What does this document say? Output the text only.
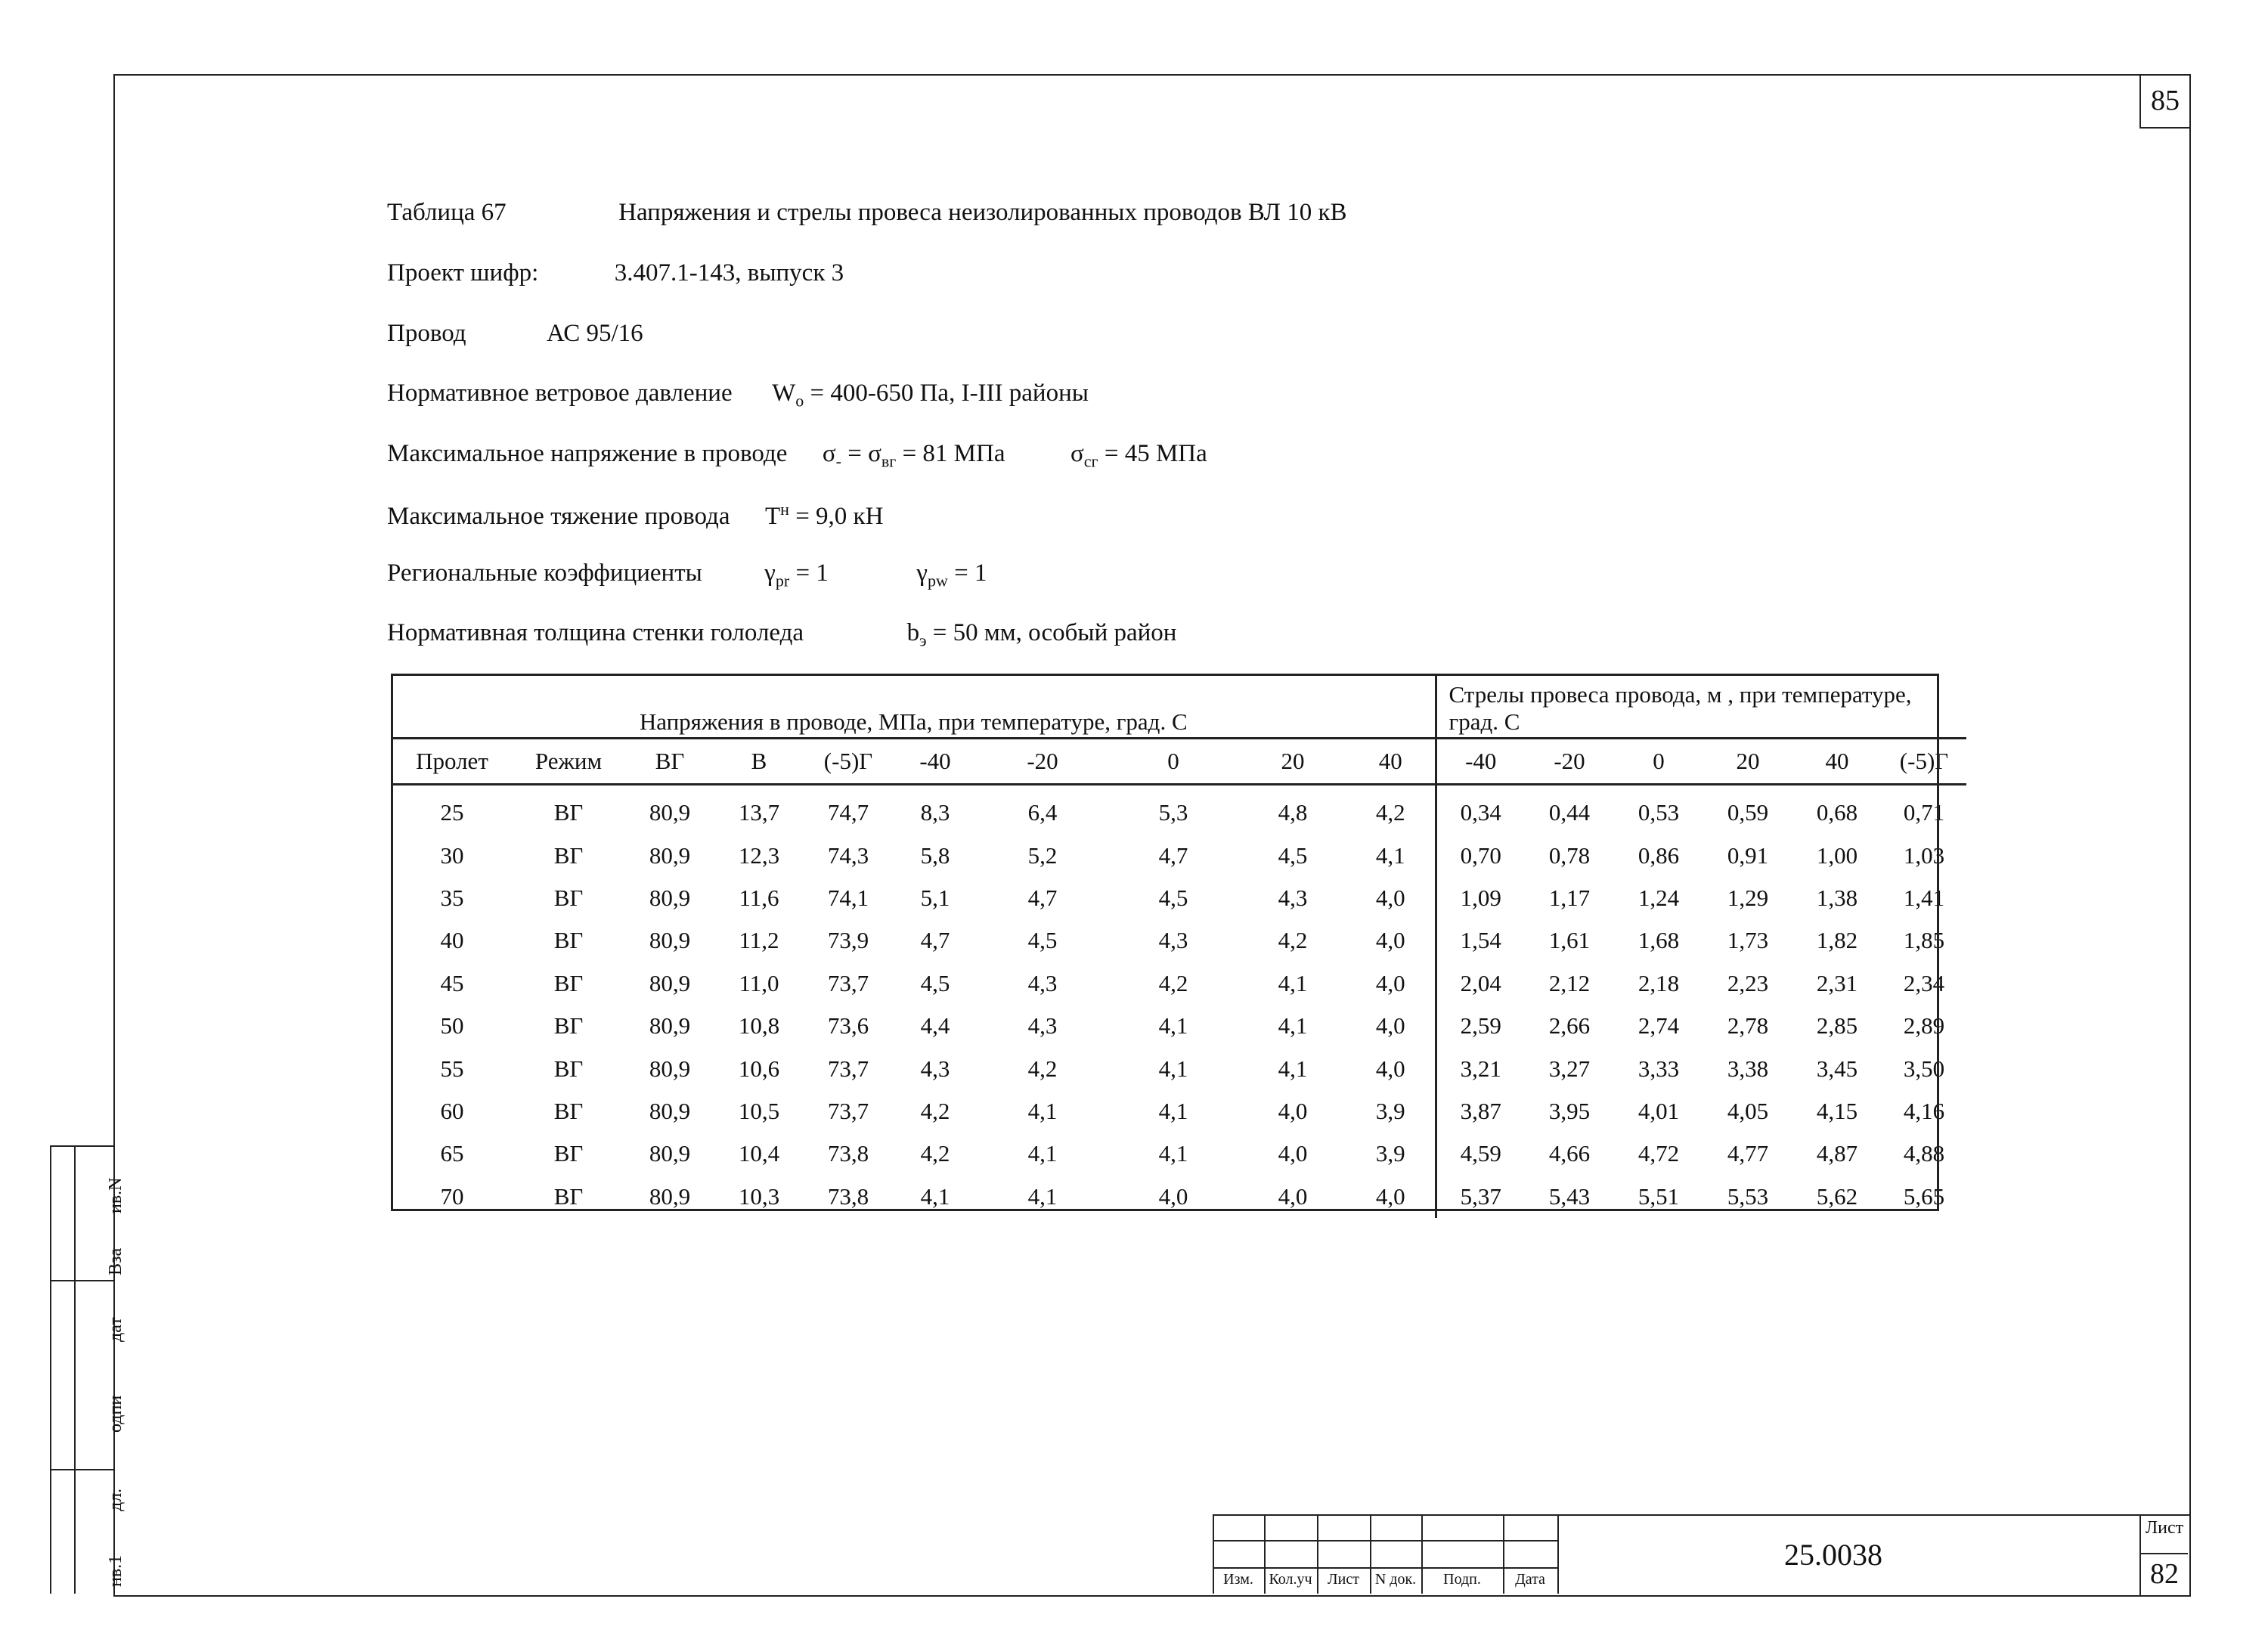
85
Таблица 67	Напряжения и стрелы провеса неизолированных проводов ВЛ 10 кВ
Проект шифр:	3.407.1-143, выпуск 3
Провод	АС 95/16
Нормативное ветровое давление $W_o = 400-650$ Па, I-III районы
Максимальное напряжение в проводе $\sigma_- = \sigma_{вг} = 81$ МПа	$\sigma_{сг} = 45$ МПа
Максимальное тяжение провода $T^н = 9,0$ кН
Региональные коэффициенты	$\gamma_{pr} = 1$	$\gamma_{pw} = 1$
Нормативная толщина стенки гололеда	$b_э = 50$ мм, особый район
Напряжения в проводе, МПа, при температуре, град. С										Стрелы провеса провода, м , при температуре, град. С					
Пролет	Режим	ВГ	В	(-5)Г	-40	-20	0	20	40	-40	-20	0	20	40	(-5)Г
25	ВГ	80,9	13,7	74,7	8,3	6,4	5,3	4,8	4,2	0,34	0,44	0,53	0,59	0,68	0,71
30	ВГ	80,9	12,3	74,3	5,8	5,2	4,7	4,5	4,1	0,70	0,78	0,86	0,91	1,00	1,03
35	ВГ	80,9	11,6	74,1	5,1	4,7	4,5	4,3	4,0	1,09	1,17	1,24	1,29	1,38	1,41
40	ВГ	80,9	11,2	73,9	4,7	4,5	4,3	4,2	4,0	1,54	1,61	1,68	1,73	1,82	1,85
45	ВГ	80,9	11,0	73,7	4,5	4,3	4,2	4,1	4,0	2,04	2,12	2,18	2,23	2,31	2,34
50	ВГ	80,9	10,8	73,6	4,4	4,3	4,1	4,1	4,0	2,59	2,66	2,74	2,78	2,85	2,89
55	ВГ	80,9	10,6	73,7	4,3	4,2	4,1	4,1	4,0	3,21	3,27	3,33	3,38	3,45	3,50
60	ВГ	80,9	10,5	73,7	4,2	4,1	4,1	4,0	3,9	3,87	3,95	4,01	4,05	4,15	4,16
65	ВГ	80,9	10,4	73,8	4,2	4,1	4,1	4,0	3,9	4,59	4,66	4,72	4,77	4,87	4,88
70	ВГ	80,9	10,3	73,8	4,1	4,1	4,0	4,0	4,0	5,37	5,43	5,51	5,53	5,62	5,65
ив.N
Вза
дат
одпи
дл.
нв.1	Изм.	Кол.уч	Лист	N док.	Подп.	Дата
25.0038
Лист
82
